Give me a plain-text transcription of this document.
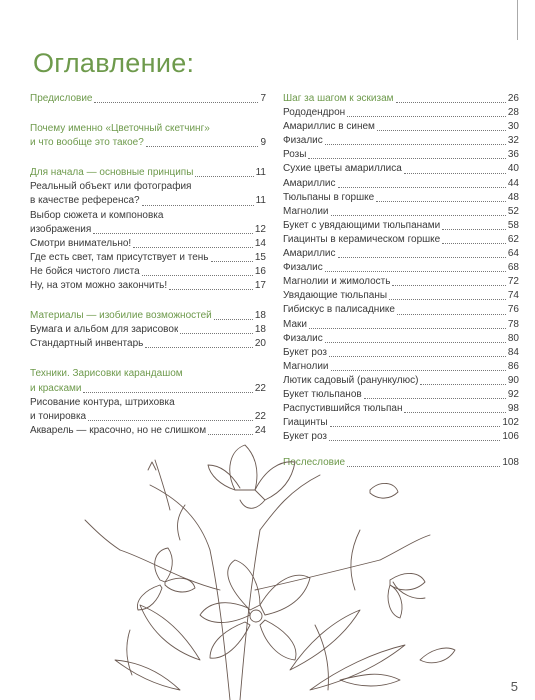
Оглавление:
Предисловие	7
Почему именно «Цветочный скетчинг»
и что вообще это такое?	9
Для начала — основные принципы	11
Реальный объект или фотография
в качестве референса?	11
Выбор сюжета и компоновка
изображения	12
Смотри внимательно!	14
Где есть свет, там присутствует и тень	15
Не бойся чистого листа	16
Ну, на этом можно закончить!	17
Материалы — изобилие возможностей	18
Бумага и альбом для зарисовок	18
Стандартный инвентарь	20
Техники. Зарисовки карандашом
и красками	22
Рисование контура, штриховка
и тонировка	22
Акварель — красочно, но не слишком	24
Шаг за шагом к эскизам	26
Рододендрон	28
Амариллис в синем	30
Физалис	32
Розы	36
Сухие цветы амариллиса	40
Амариллис	44
Тюльпаны в горшке	48
Магнолии	52
Букет с увядающими тюльпанами	58
Гиацинты в керамическом горшке	62
Амариллис	64
Физалис	68
Магнолии и жимолость	72
Увядающие тюльпаны	74
Гибискус в палисаднике	76
Маки	78
Физалис	80
Букет роз	84
Магнолии	86
Лютик садовый (ранункулюс)	90
Букет тюльпанов	92
Распустившийся тюльпан	98
Гиацинты	102
Букет роз	106
Послесловие	108
5
